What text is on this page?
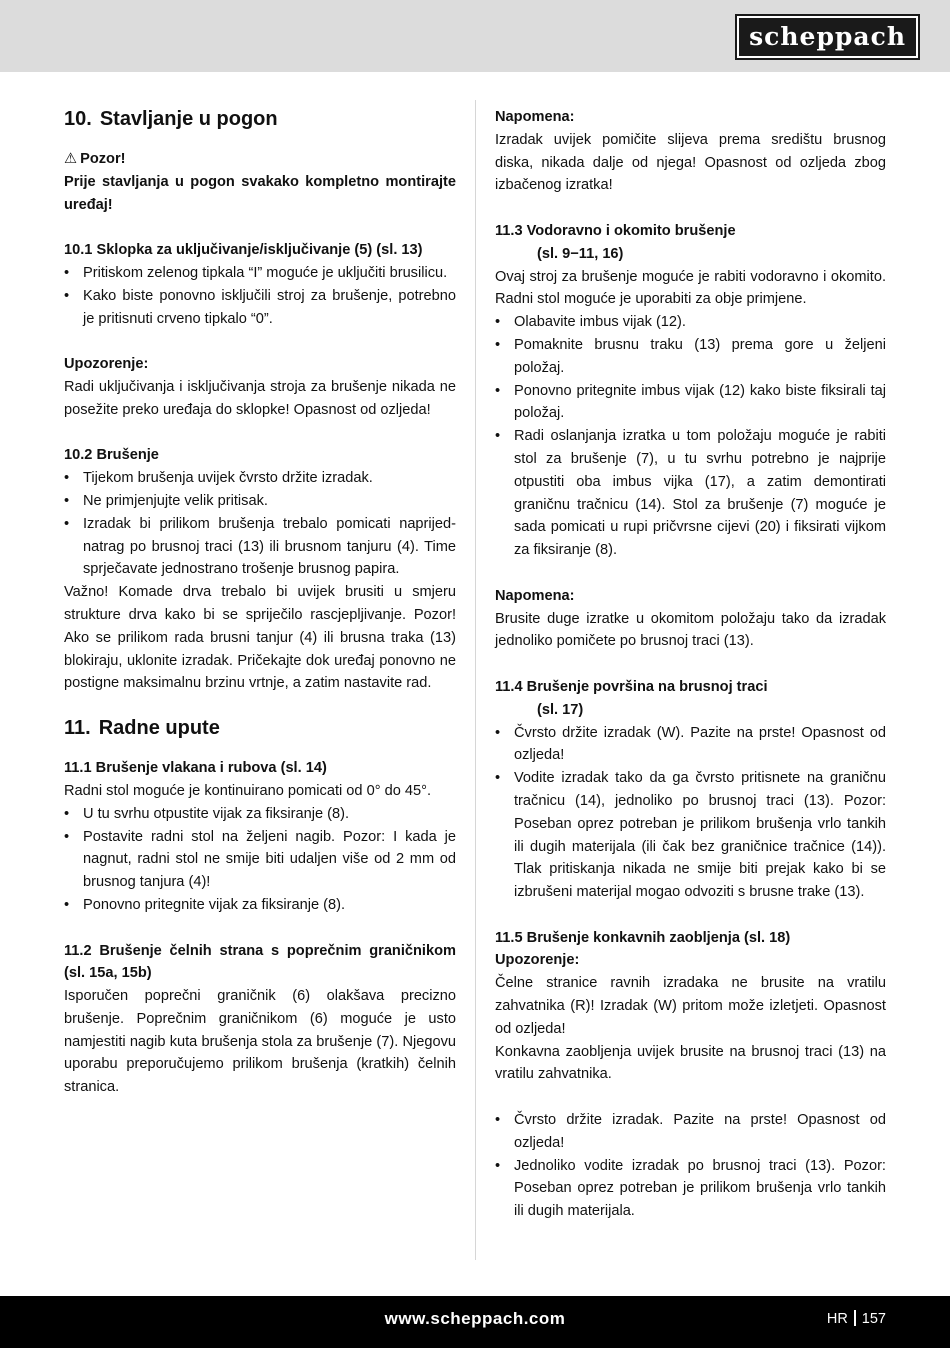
scheppach
10. Stavljanje u pogon
⚠ Pozor!

Prije stavljanja u pogon svakako kompletno montirajte uređaj!

10.1 Sklopka za uključivanje/isključivanje (5) (sl. 13)

• Pritiskom zelenog tipkala “I” moguće je uključiti brusilicu.
• Kako biste ponovno isključili stroj za brušenje, potrebno je pritisnuti crveno tipkalo “0”.
Upozorenje:

Radi uključivanja i isključivanja stroja za brušenje nikada ne posežite preko uređaja do sklopke! Opasnost od ozljeda!

10.2 Brušenje

• Tijekom brušenja uvijek čvrsto držite izradak.
• Ne primjenjujte velik pritisak.
• Izradak bi prilikom brušenja trebalo pomicati naprijed-natrag po brusnoj traci (13) ili brusnom tanjuru (4). Time sprječavate jednostrano trošenje brusnog papira.

Važno! Komade drva trebalo bi uvijek brusiti u smjeru strukture drva kako bi se spriječilo rascjepljivanje. Pozor! Ako se prilikom rada brusni tanjur (4) ili brusna traka (13) blokiraju, uklonite izradak. Pričekajte dok uređaj ponovno ne postigne maksimalnu brzinu vrtnje, a zatim nastavite rad.

11. Radne upute

11.1 Brušenje vlakana i rubova (sl. 14)

Radni stol moguće je kontinuirano pomicati od 0° do 45°.

• U tu svrhu otpustite vijak za fiksiranje (8).
• Postavite radni stol na željeni nagib. Pozor: I kada je nagnut, radni stol ne smije biti udaljen više od 2 mm od brusnog tanjura (4)!
• Ponovno pritegnite vijak za fiksiranje (8).

11.2 Brušenje čelnih strana s poprečnim graničnikom (sl. 15a, 15b)

Isporučen poprečni graničnik (6) olakšava precizno brušenje. Poprečnim graničnikom (6) moguće je usto namjestiti nagib kuta brušenja stola za brušenje (7). Njegovu uporabu preporučujemo prilikom brušenja (kratkih) čelnih stranica.

Napomena:

Izradak uvijek pomičite slijeva prema središtu brusnog diska, nikada dalje od njega! Opasnost od ozljeda zbog izbačenog izratka!

11.3 Vodoravno i okomito brušenje
(sl. 9−11, 16)

Ovaj stroj za brušenje moguće je rabiti vodoravno i okomito. Radni stol moguće je uporabiti za obje primjene.

• Olabavite imbus vijak (12).
• Pomaknite brusnu traku (13) prema gore u željeni položaj.
• Ponovno pritegnite imbus vijak (12) kako biste fiksirali taj položaj.
• Radi oslanjanja izratka u tom položaju moguće je rabiti stol za brušenje (7), u tu svrhu potrebno je najprije otpustiti oba imbus vijka (17), a zatim demontirati graničnu tračnicu (14). Stol za brušenje (7) moguće je sada pomicati u rupi pričvrsne cijevi (20) i fiksirati vijkom za fiksiranje (8).
Napomena:

Brusite duge izratke u okomitom položaju tako da izradak jednoliko pomičete po brusnoj traci (13).

11.4 Brušenje površina na brusnoj traci
(sl. 17)
• Čvrsto držite izradak (W). Pazite na prste! Opasnost od ozljeda!
• Vodite izradak tako da ga čvrsto pritisnete na graničnu tračnicu (14), jednoliko po brusnoj traci (13). Pozor: Poseban oprez potreban je prilikom brušenja vrlo tankih ili dugih materijala (ili čak bez graničnice tračnice (14)). Tlak pritiskanja nikada ne smije biti prejak kako bi se izbrušeni materijal mogao odvoziti s brusne trake (13).

11.5 Brušenje konkavnih zaobljenja (sl. 18)

Upozorenje:

Čelne stranice ravnih izradaka ne brusite na vratilu zahvatnika (R)! Izradak (W) pritom može izletjeti. Opasnost od ozljeda!

Konkavna zaobljenja uvijek brusite na brusnoj traci (13) na vratilu zahvatnika.

• Čvrsto držite izradak. Pazite na prste! Opasnost od ozljeda!
• Jednoliko vodite izradak po brusnoj traci (13). Pozor: Poseban oprez potreban je prilikom brušenja vrlo tankih ili dugih materijala.
www.scheppach.com	HR 157
